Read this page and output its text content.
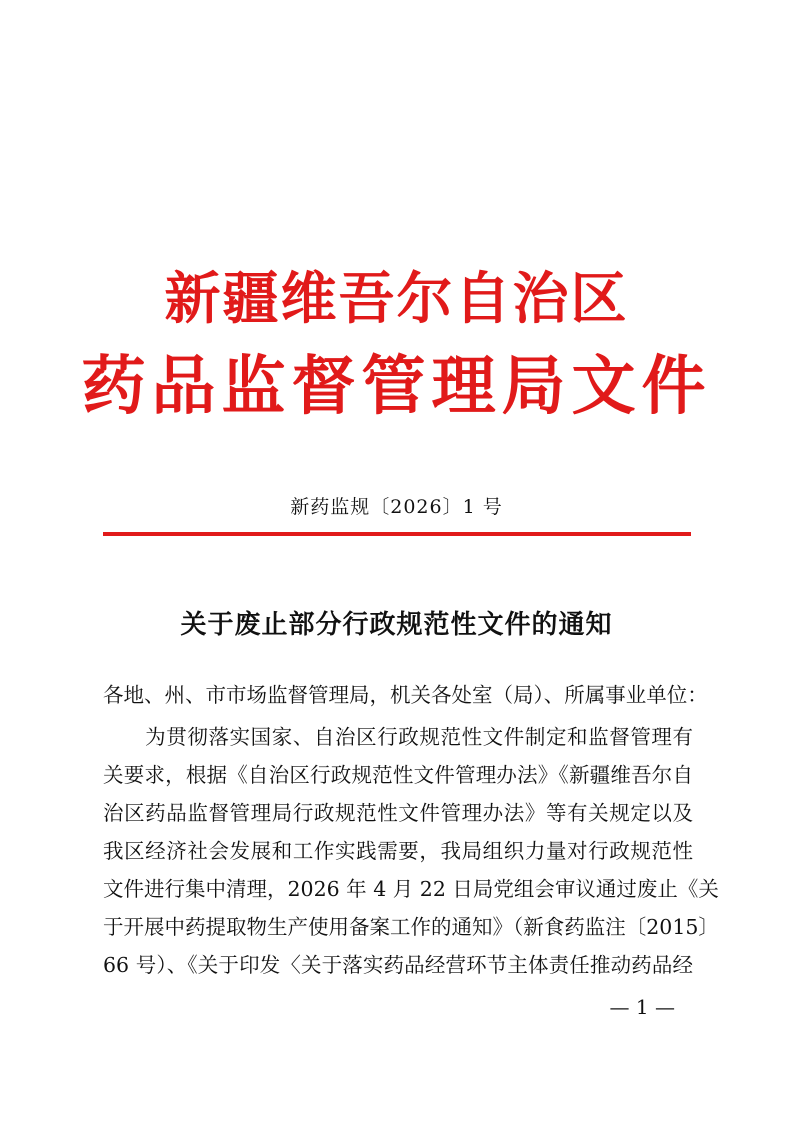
新疆维吾尔自治区
药品监督管理局文件
新药监规〔2026〕1 号
关于废止部分行政规范性文件的通知
各地、州、市市场监督管理局，机关各处室（局）、所属事业单位：
　　为贯彻落实国家、自治区行政规范性文件制定和监督管理有
关要求，根据《自治区行政规范性文件管理办法》《新疆维吾尔自
治区药品监督管理局行政规范性文件管理办法》等有关规定以及
我区经济社会发展和工作实践需要，我局组织力量对行政规范性
文件进行集中清理，2026 年 4 月 22 日局党组会审议通过废止《关
于开展中药提取物生产使用备案工作的通知》（新食药监注〔2015〕
66 号）、《关于印发〈关于落实药品经营环节主体责任推动药品经
— 1 —
